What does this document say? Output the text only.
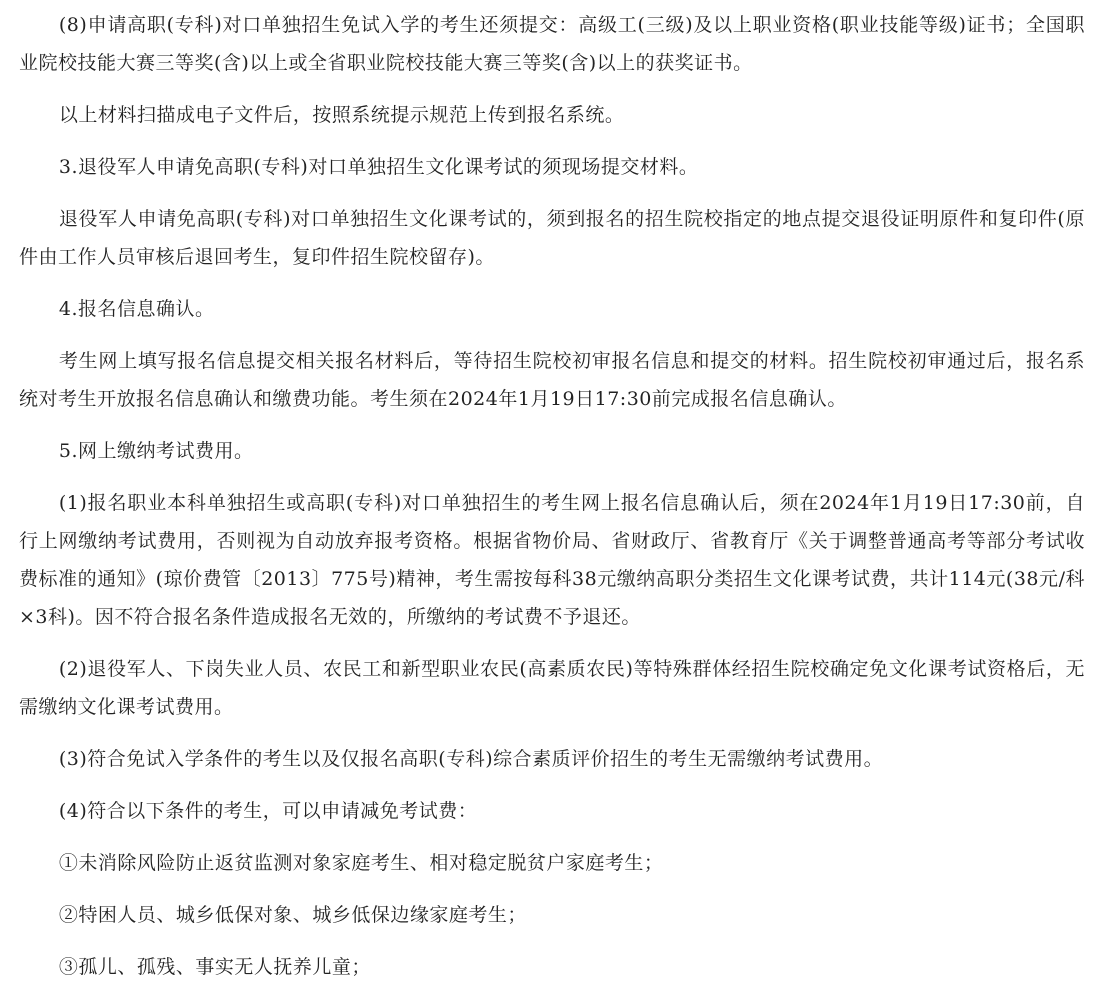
(8)申请高职(专科)对口单独招生免试入学的考生还须提交：高级工(三级)及以上职业资格(职业技能等级)证书；全国职业院校技能大赛三等奖(含)以上或全省职业院校技能大赛三等奖(含)以上的获奖证书。

以上材料扫描成电子文件后，按照系统提示规范上传到报名系统。

3.退役军人申请免高职(专科)对口单独招生文化课考试的须现场提交材料。

退役军人申请免高职(专科)对口单独招生文化课考试的，须到报名的招生院校指定的地点提交退役证明原件和复印件(原件由工作人员审核后退回考生，复印件招生院校留存)。

4.报名信息确认。

考生网上填写报名信息提交相关报名材料后，等待招生院校初审报名信息和提交的材料。招生院校初审通过后，报名系统对考生开放报名信息确认和缴费功能。考生须在2024年1月19日17:30前完成报名信息确认。

5.网上缴纳考试费用。

(1)报名职业本科单独招生或高职(专科)对口单独招生的考生网上报名信息确认后，须在2024年1月19日17:30前，自行上网缴纳考试费用，否则视为自动放弃报考资格。根据省物价局、省财政厅、省教育厅《关于调整普通高考等部分考试收费标准的通知》(琼价费管〔2013〕775号)精神，考生需按每科38元缴纳高职分类招生文化课考试费，共计114元(38元/科×3科)。因不符合报名条件造成报名无效的，所缴纳的考试费不予退还。

(2)退役军人、下岗失业人员、农民工和新型职业农民(高素质农民)等特殊群体经招生院校确定免文化课考试资格后，无需缴纳文化课考试费用。

(3)符合免试入学条件的考生以及仅报名高职(专科)综合素质评价招生的考生无需缴纳考试费用。

(4)符合以下条件的考生，可以申请减免考试费：

①未消除风险防止返贫监测对象家庭考生、相对稳定脱贫户家庭考生；

②特困人员、城乡低保对象、城乡低保边缘家庭考生；

③孤儿、孤残、事实无人抚养儿童；
